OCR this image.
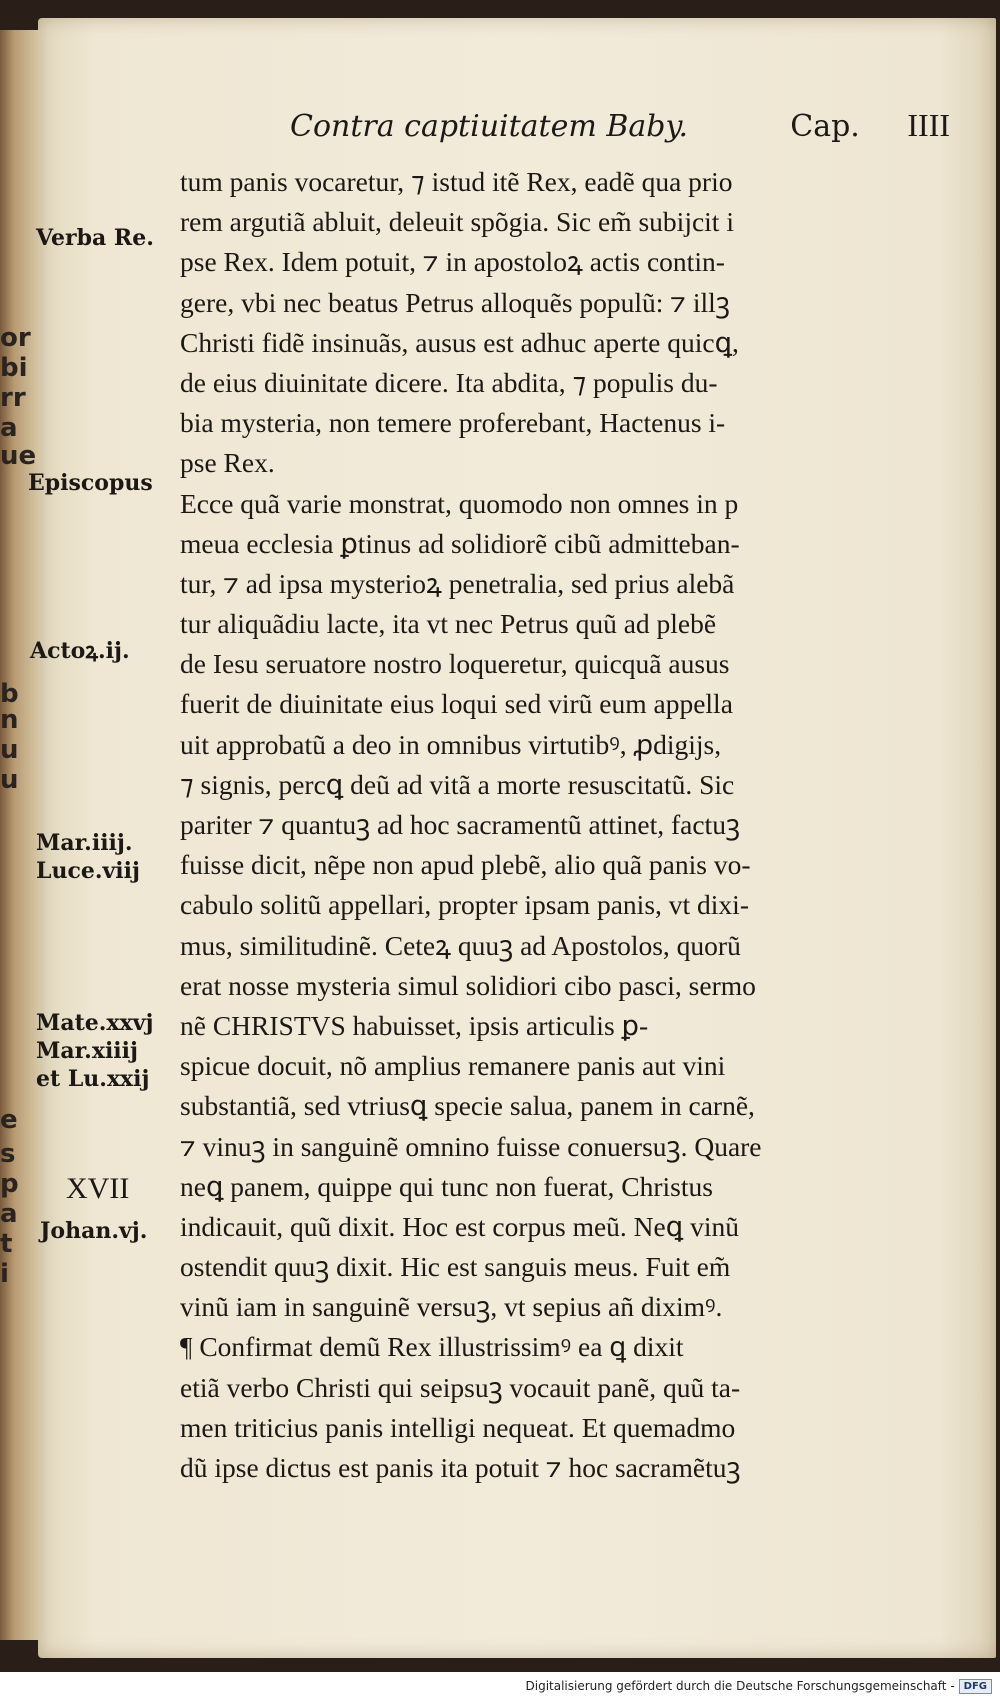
or
bi
rr
a
ue
b
n
u
u
e
s
p
a
t
i
Contra captiuitatem Baby.	Cap. IIII
tum panis vocaretur, ⁊ istud itẽ Rex, eadẽ qua prio
rem argutiã abluit, deleuit spõgia. Sic em̃ subijcit i
pse Rex. Idem potuit, ⁊ in apostoloꝝ actis contin-
gere, vbi nec beatus Petrus alloquẽs populũ: ⁊ illꝫ
Christi fidẽ insinuãs, ausus est adhuc aperte quicꝗ,
de eius diuinitate dicere. Ita abdita, ⁊ populis du-
bia mysteria, non temere proferebant, Hactenus i-
pse Rex.
Ecce quã varie monstrat, quomodo non omnes in p
meua ecclesia ꝑtinus ad solidiorẽ cibũ admitteban-
tur, ⁊ ad ipsa mysterioꝝ penetralia, sed prius alebã
tur aliquãdiu lacte, ita vt nec Petrus quũ ad plebẽ
de Iesu seruatore nostro loqueretur, quicquã ausus
fuerit de diuinitate eius loqui sed virũ eum appella
uit approbatũ a deo in omnibus virtutibꝰ, ꝓdigijs,
⁊ signis, percꝗ deũ ad vitã a morte resuscitatũ. Sic
pariter ⁊ quantuꝫ ad hoc sacramentũ attinet, factuꝫ
fuisse dicit, nẽpe non apud plebẽ, alio quã panis vo-
cabulo solitũ appellari, propter ipsam panis, vt dixi-
mus, similitudinẽ. Ceteꝝ quuꝫ ad Apostolos, quorũ
erat nosse mysteria simul solidiori cibo pasci, sermo
nẽ CHRISTVS habuisset, ipsis articulis ꝑ-
spicue docuit, nõ amplius remanere panis aut vini
substantiã, sed vtriusꝗ specie salua, panem in carnẽ,
⁊ vinuꝫ in sanguinẽ omnino fuisse conuersuꝫ. Quare
neꝗ panem, quippe qui tunc non fuerat, Christus
indicauit, quũ dixit. Hoc est corpus meũ. Neꝗ vinũ
ostendit quuꝫ dixit. Hic est sanguis meus. Fuit em̃
vinũ iam in sanguinẽ versuꝫ, vt sepius añ diximꝰ.
¶ Confirmat demũ Rex illustrissimꝰ ea ꝗ dixit
etiã verbo Christi qui seipsuꝫ vocauit panẽ, quũ ta-
men triticius panis intelligi nequeat. Et quemadmo
dũ ipse dictus est panis ita potuit ⁊ hoc sacramẽtuꝫ
Verba Re.
Episcopus
Actoꝝ.ij.
Mar.iiij.
Luce.viij
Mate.xxvj
Mar.xiiij
et Lu.xxij
XVII
Johan.vj.
Digitalisierung gefördert durch die Deutsche Forschungsgemeinschaft - DFG
